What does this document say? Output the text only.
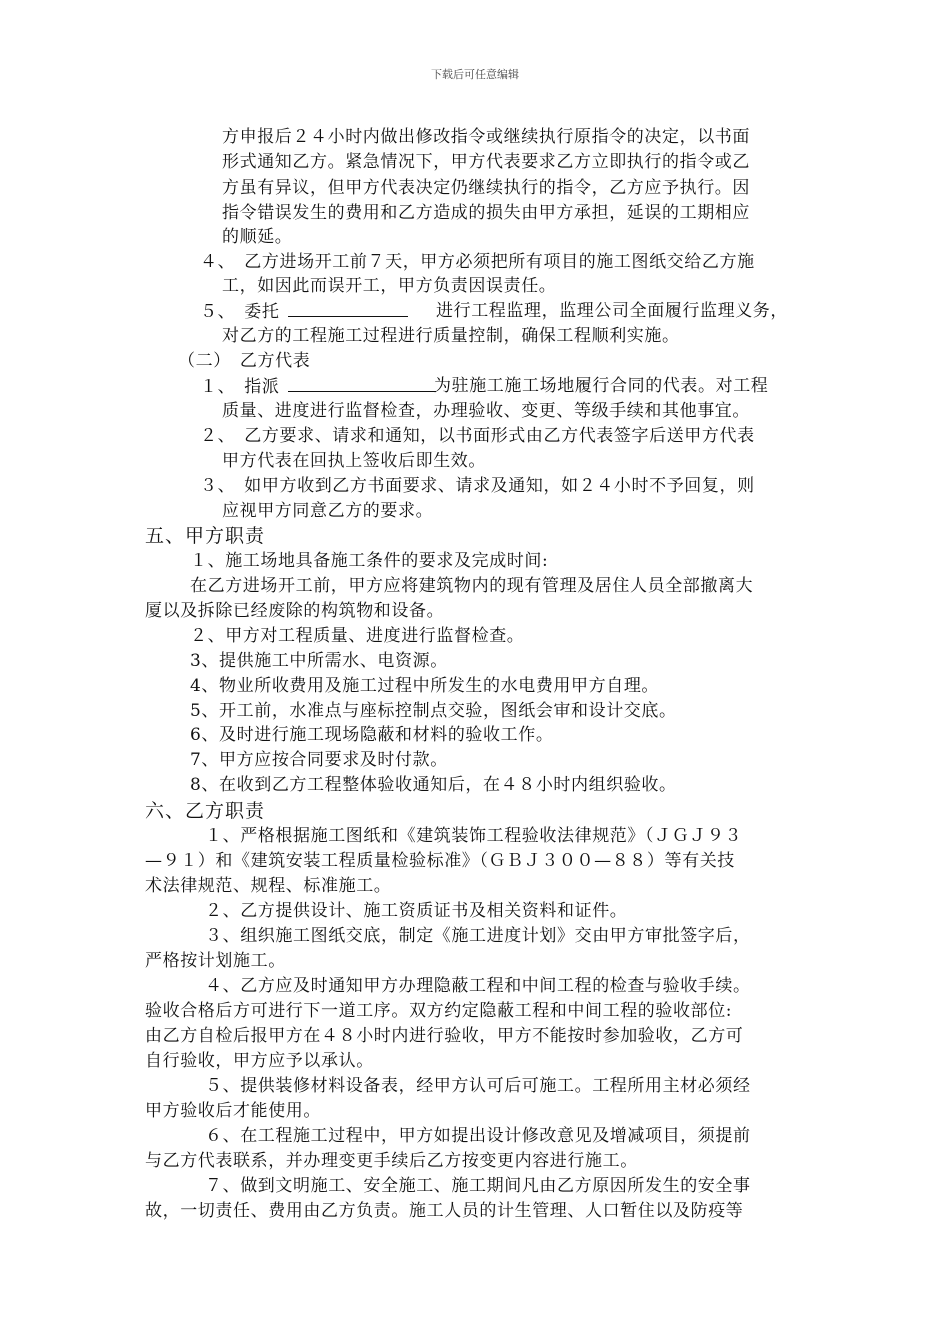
下载后可任意编辑
方申报后２４小时内做出修改指令或继续执行原指令的决定，以书面
形式通知乙方。紧急情况下，甲方代表要求乙方立即执行的指令或乙
方虽有异议，但甲方代表决定仍继续执行的指令，乙方应予执行。因
指令错误发生的费用和乙方造成的损失由甲方承担，延误的工期相应
的顺延。
４、　乙方进场开工前７天，甲方必须把所有项目的施工图纸交给乙方施
工，如因此而误开工，甲方负责因误责任。
５、　委托	进行工程监理，监理公司全面履行监理义务，
对乙方的工程施工过程进行质量控制，确保工程顺利实施。
（二）　乙方代表
１、　指派	为驻施工施工场地履行合同的代表。对工程
质量、进度进行监督检查，办理验收、变更、等级手续和其他事宜。
２、　乙方要求、请求和通知，以书面形式由乙方代表签字后送甲方代表
甲方代表在回执上签收后即生效。
３、　如甲方收到乙方书面要求、请求及通知，如２４小时不予回复，则
应视甲方同意乙方的要求。
五、甲方职责
１、施工场地具备施工条件的要求及完成时间:
在乙方进场开工前，甲方应将建筑物内的现有管理及居住人员全部撤离大
厦以及拆除已经废除的构筑物和设备。
２、甲方对工程质量、进度进行监督检查。
3、提供施工中所需水、电资源。
4、物业所收费用及施工过程中所发生的水电费用甲方自理。
5、开工前，水准点与座标控制点交验，图纸会审和设计交底。
6、及时进行施工现场隐蔽和材料的验收工作。
7、甲方应按合同要求及时付款。
8、在收到乙方工程整体验收通知后，在４８小时内组织验收。
六、乙方职责
１、严格根据施工图纸和《建筑装饰工程验收法律规范》（ＪＧＪ９３
—９１）和《建筑安装工程质量检验标准》（ＧＢＪ３００—８８）等有关技
术法律规范、规程、标准施工。
２、乙方提供设计、施工资质证书及相关资料和证件。
３、组织施工图纸交底，制定《施工进度计划》交由甲方审批签字后，
严格按计划施工。
４、乙方应及时通知甲方办理隐蔽工程和中间工程的检查与验收手续。
验收合格后方可进行下一道工序。双方约定隐蔽工程和中间工程的验收部位:
由乙方自检后报甲方在４８小时内进行验收，甲方不能按时参加验收，乙方可
自行验收，甲方应予以承认。
５、提供装修材料设备表，经甲方认可后可施工。工程所用主材必须经
甲方验收后才能使用。
６、在工程施工过程中，甲方如提出设计修改意见及增减项目，须提前
与乙方代表联系，并办理变更手续后乙方按变更内容进行施工。
７、做到文明施工、安全施工、施工期间凡由乙方原因所发生的安全事
故，一切责任、费用由乙方负责。施工人员的计生管理、人口暂住以及防疫等
